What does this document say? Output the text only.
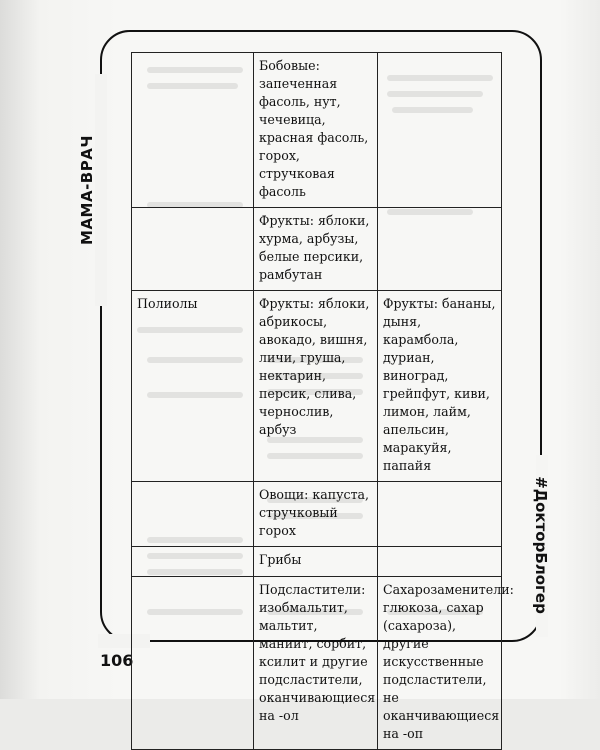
МАМА-ВРАЧ
#ДокторБлогер
106
	Бобовые: запеченная фасоль, нут, чечевица, красная фасоль, горох, стручковая фасоль	
	Фрукты: яблоки, хурма, арбузы, белые персики, рамбутан	
Полиолы	Фрукты: яблоки, абрикосы, авокадо, вишня, личи, груша, нектарин, персик, слива, чернослив, арбуз	Фрукты: бананы, дыня, карамбола, дуриан, виноград, грейпфут, киви, лимон, лайм, апельсин, маракуйя, папайя
	Овощи: капуста, стручковый горох	
	Грибы	
	Подсластители: изобмальтит, мальтит, маниит, сорбит, ксилит и другие подсластители, оканчивающиеся на -ол	Сахарозаменители: глюкоза, сахар (сахароза), другие искусственные подсластители, не оканчивающиеся на -оп
